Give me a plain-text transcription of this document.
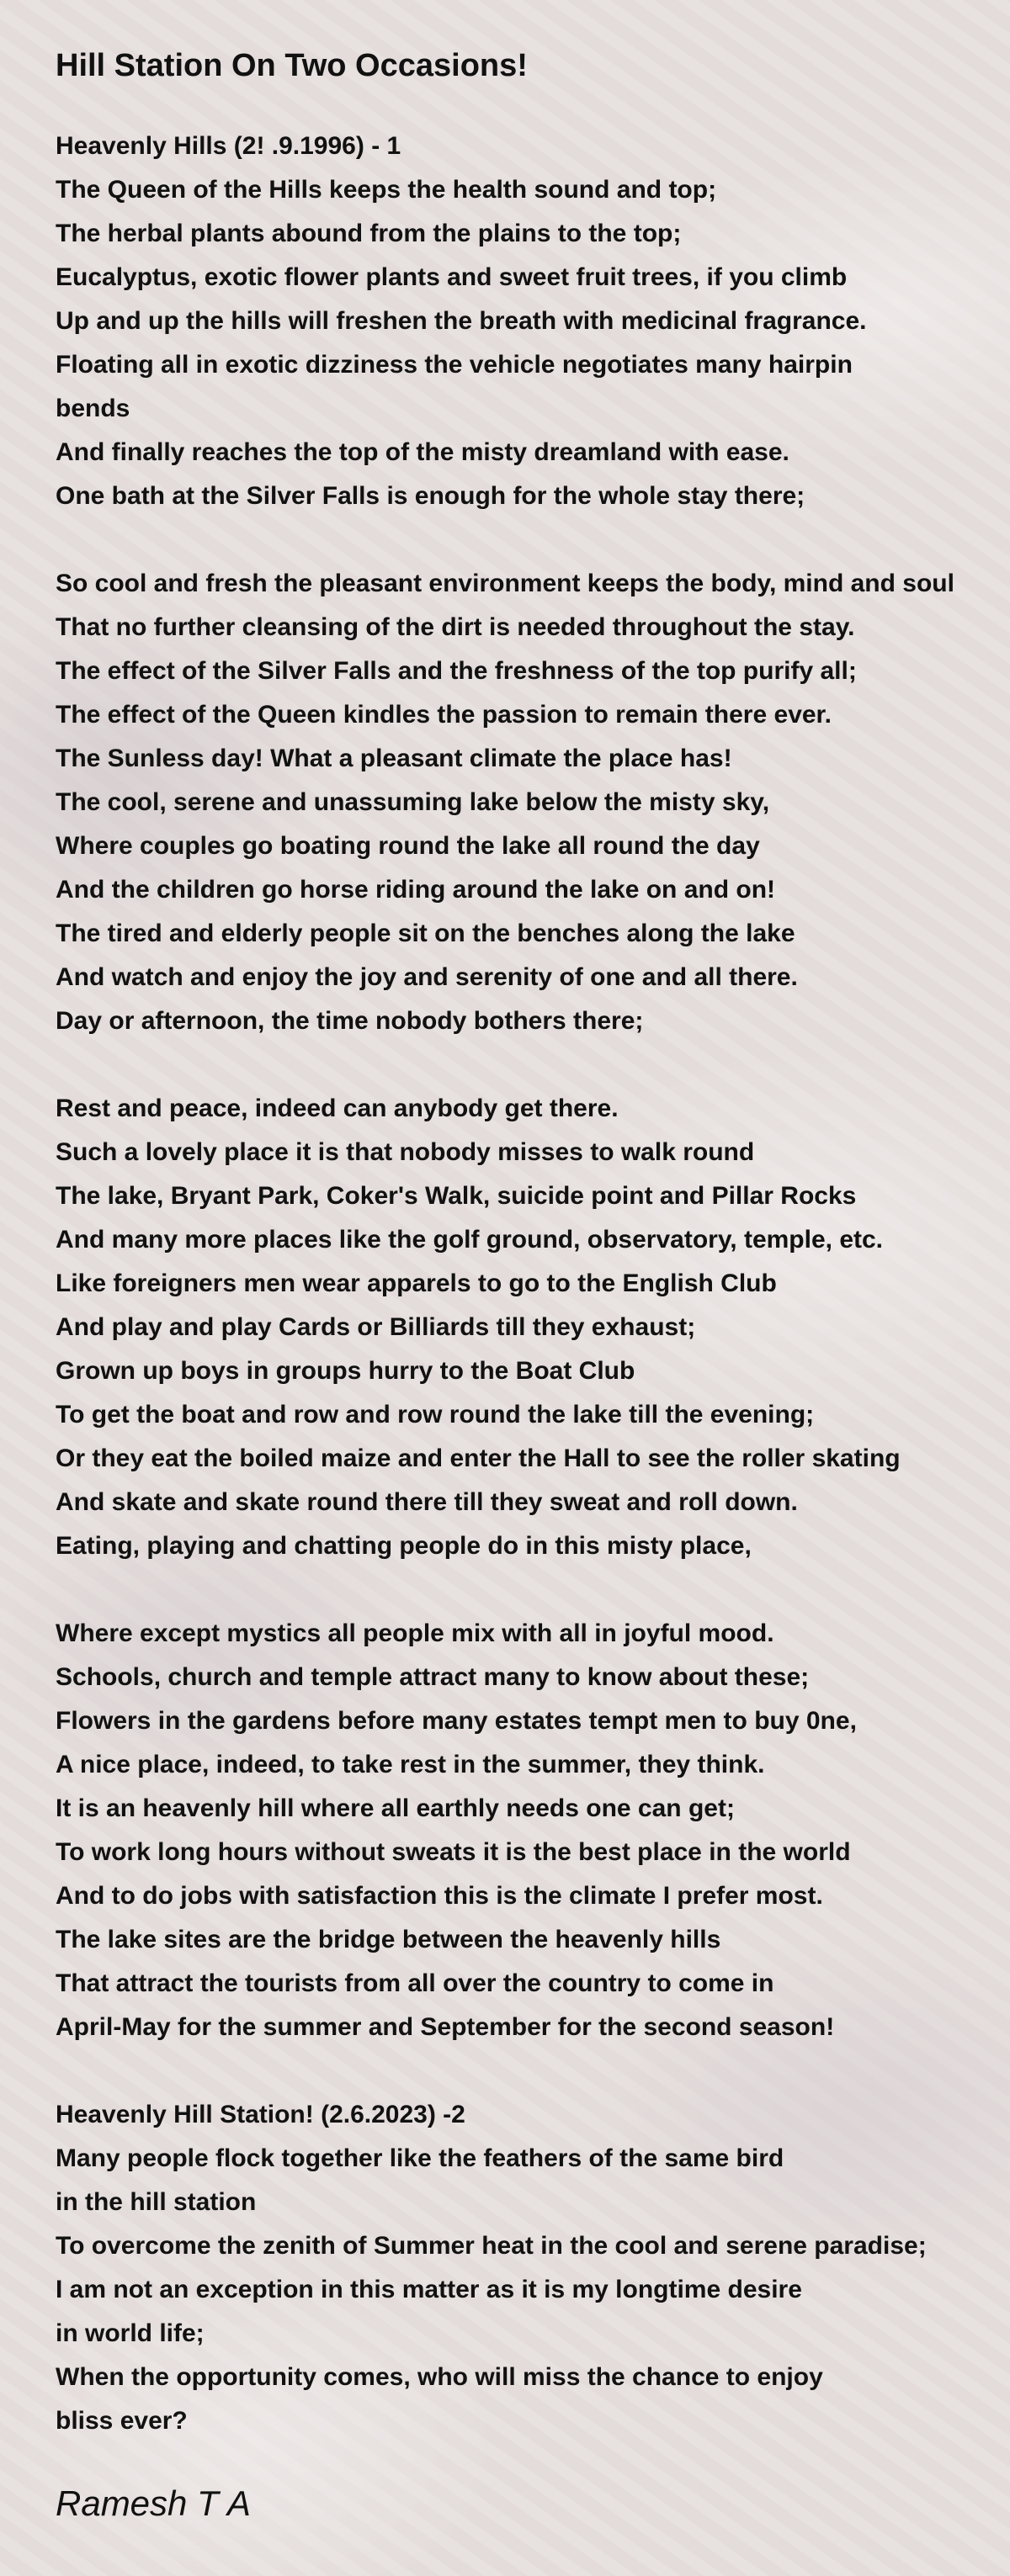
Hill Station On Two Occasions!
Heavenly Hills (2! .9.1996) - 1
The Queen of the Hills keeps the health sound and top;
The herbal plants abound from the plains to the top;
Eucalyptus, exotic flower plants and sweet fruit trees, if you climb
Up and up the hills will freshen the breath with medicinal fragrance.
Floating all in exotic dizziness the vehicle negotiates many hairpin
bends
And finally reaches the top of the misty dreamland with ease.
One bath at the Silver Falls is enough for the whole stay there;
So cool and fresh the pleasant environment keeps the body, mind and soul
That no further cleansing of the dirt is needed throughout the stay.
The effect of the Silver Falls and the freshness of the top purify all;
The effect of the Queen kindles the passion to remain there ever.
The Sunless day! What a pleasant climate the place has!
The cool, serene and unassuming lake below the misty sky,
Where couples go boating round the lake all round the day
And the children go horse riding around the lake on and on!
The tired and elderly people sit on the benches along the lake
And watch and enjoy the joy and serenity of one and all there.
Day or afternoon, the time nobody bothers there;
Rest and peace, indeed can anybody get there.
Such a lovely place it is that nobody misses to walk round
The lake, Bryant Park, Coker's Walk, suicide point and Pillar Rocks
And many more places like the golf ground, observatory, temple, etc.
Like foreigners men wear apparels to go to the English Club
And play and play Cards or Billiards till they exhaust;
Grown up boys in groups hurry to the Boat Club
To get the boat and row and row round the lake till the evening;
Or they eat the boiled maize and enter the Hall to see the roller skating
And skate and skate round there till they sweat and roll down.
Eating, playing and chatting people do in this misty place,
Where except mystics all people mix with all in joyful mood.
Schools, church and temple attract many to know about these;
Flowers in the gardens before many estates tempt men to buy 0ne,
A nice place, indeed, to take rest in the summer, they think.
It is an heavenly hill where all earthly needs one can get;
To work long hours without sweats it is the best place in the world
And to do jobs with satisfaction this is the climate I prefer most.
The lake sites are the bridge between the heavenly hills
That attract the tourists from all over the country to come in
April-May for the summer and September for the second season!
Heavenly Hill Station! (2.6.2023) -2
Many people flock together like the feathers of the same bird
in the hill station
To overcome the zenith of Summer heat in the cool and serene paradise;
I am not an exception in this matter as it is my longtime desire
in world life;
When the opportunity comes, who will miss the chance to enjoy
bliss ever?
Ramesh T A
